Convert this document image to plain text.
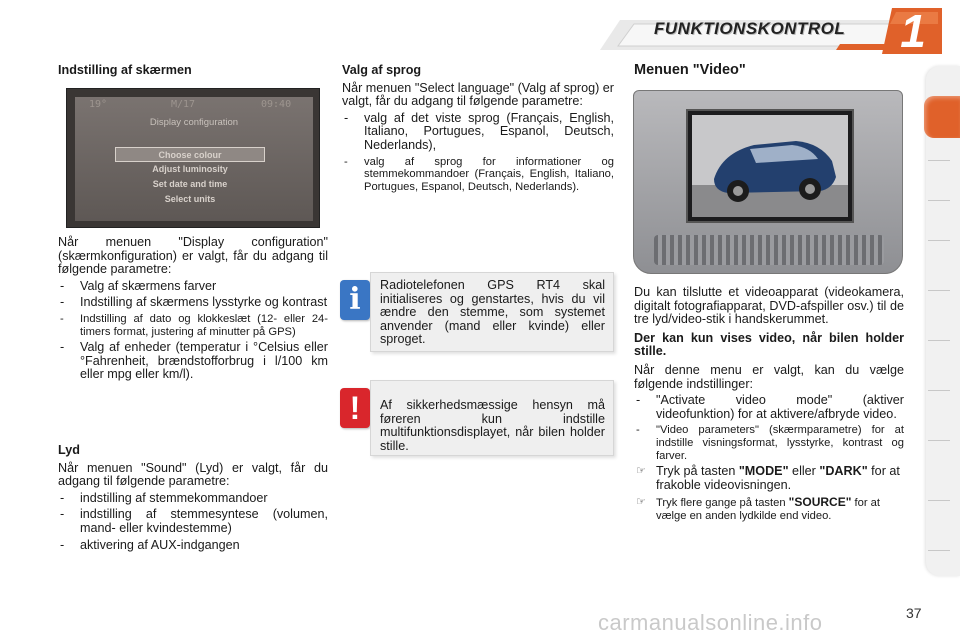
FUNKTIONSKONTROL 1
Indstilling af skærmen
19°	M/17	09:40
Display configuration
Choose colour
Adjust luminosity
Set date and time
Select units

Når menuen "Display configuration" (skærmkonfiguration) er valgt, får du adgang til følgende parametre:

- Valg af skærmens farver
- Indstilling af skærmens lysstyrke og kontrast
- Indstilling af dato og klokkeslæt (12- eller 24-timers format, justering af minutter på GPS)
- Valg af enheder (temperatur i °Celsius eller °Fahrenheit, brændstofforbrug i l/100 km eller mpg eller km/l).
Lyd

Når menuen "Sound" (Lyd) er valgt, får du adgang til følgende parametre:

- indstilling af stemmekommandoer
- indstilling af stemmesyntese (volumen, mand- eller kvindestemme)
- aktivering af AUX-indgangen
Valg af sprog

Når menuen "Select language" (Valg af sprog) er valgt, får du adgang til følgende parametre:

- valg af det viste sprog (Français, English, Italiano, Portugues, Espanol, Deutsch, Nederlands),
- valg af sprog for informationer og stemmekommandoer (Français, English, Italiano, Portugues, Espanol, Deutsch, Nederlands).
i	Radiotelefonen GPS RT4 skal initialiseres og genstartes, hvis du vil ændre den stemme, som systemet anvender (mand eller kvinde) eller sproget.
!	Af sikkerhedsmæssige hensyn må føreren kun indstille multifunktionsdisplayet, når bilen holder stille.
Menuen "Video"

Du kan tilslutte et videoapparat (videokamera, digitalt fotografiapparat, DVD-afspiller osv.) til de tre lyd/video-stik i handskerummet.

Der kan kun vises video, når bilen holder stille.

Når denne menu er valgt, kan du vælge følgende indstillinger:

- "Activate video mode" (aktiver videofunktion) for at aktivere/afbryde video.
- "Video parameters" (skærmparametre) for at indstille visningsformat, lysstyrke, kontrast og farver.
☞ Tryk på tasten "MODE" eller "DARK" for at frakoble videovisningen.
☞ Tryk flere gange på tasten "SOURCE" for at vælge en anden lydkilde end video.
carmanualsonline.info	37
